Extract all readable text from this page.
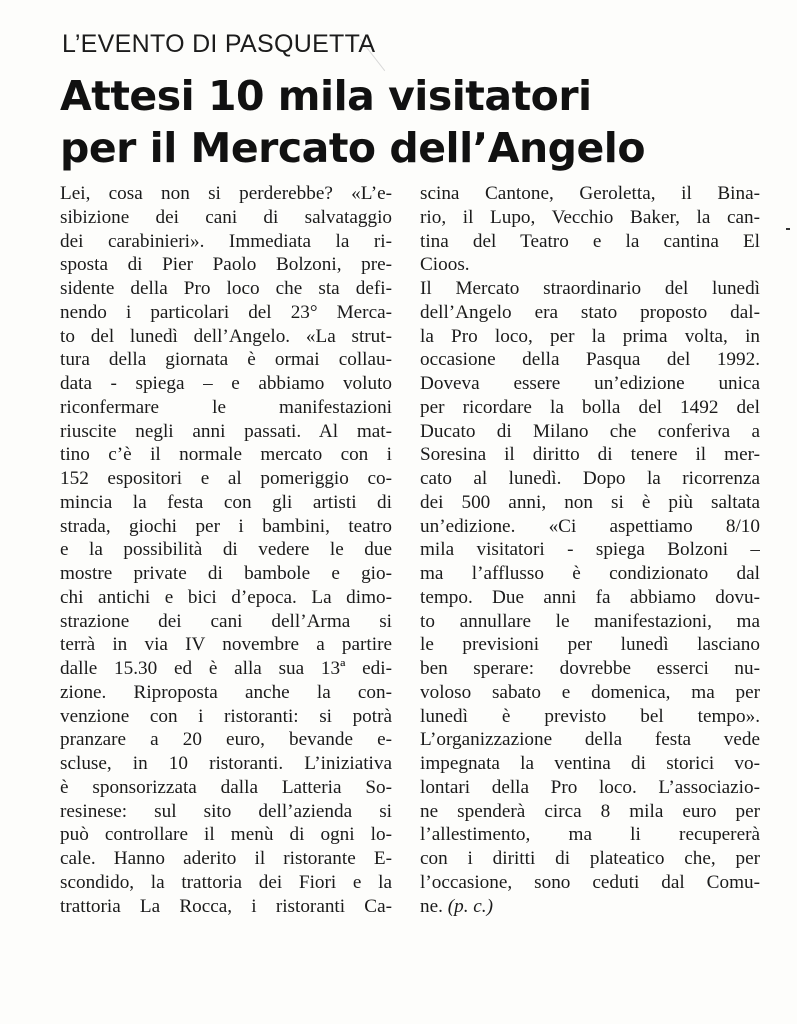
L’EVENTO DI PASQUETTA
Attesi 10 mila visitatori
per il Mercato dell’Angelo
Lei, cosa non si perderebbe? «L’e-
sibizione dei cani di salvataggio
dei carabinieri». Immediata la ri-
sposta di Pier Paolo Bolzoni, pre-
sidente della Pro loco che sta defi-
nendo i particolari del 23° Merca-
to del lunedì dell’Angelo. «La strut-
tura della giornata è ormai collau-
data - spiega – e abbiamo voluto
riconfermare le manifestazioni
riuscite negli anni passati. Al mat-
tino c’è il normale mercato con i
152 espositori e al pomeriggio co-
mincia la festa con gli artisti di
strada, giochi per i bambini, teatro
e la possibilità di vedere le due
mostre private di bambole e gio-
chi antichi e bici d’epoca. La dimo-
strazione dei cani dell’Arma si
terrà in via IV novembre a partire
dalle 15.30 ed è alla sua 13ª edi-
zione. Riproposta anche la con-
venzione con i ristoranti: si potrà
pranzare a 20 euro, bevande e-
scluse, in 10 ristoranti. L’iniziativa
è sponsorizzata dalla Latteria So-
resinese: sul sito dell’azienda si
può controllare il menù di ogni lo-
cale. Hanno aderito il ristorante E-
scondido, la trattoria dei Fiori e la
trattoria La Rocca, i ristoranti Ca-
scina Cantone, Geroletta, il Bina-
rio, il Lupo, Vecchio Baker, la can-
tina del Teatro e la cantina El
Cioos.
Il Mercato straordinario del lunedì
dell’Angelo era stato proposto dal-
la Pro loco, per la prima volta, in
occasione della Pasqua del 1992.
Doveva essere un’edizione unica
per ricordare la bolla del 1492 del
Ducato di Milano che conferiva a
Soresina il diritto di tenere il mer-
cato al lunedì. Dopo la ricorrenza
dei 500 anni, non si è più saltata
un’edizione. «Ci aspettiamo 8/10
mila visitatori - spiega Bolzoni –
ma l’afflusso è condizionato dal
tempo. Due anni fa abbiamo dovu-
to annullare le manifestazioni, ma
le previsioni per lunedì lasciano
ben sperare: dovrebbe esserci nu-
voloso sabato e domenica, ma per
lunedì è previsto bel tempo».
L’organizzazione della festa vede
impegnata la ventina di storici vo-
lontari della Pro loco. L’associazio-
ne spenderà circa 8 mila euro per
l’allestimento, ma li recupererà
con i diritti di plateatico che, per
l’occasione, sono ceduti dal Comu-
ne. (p. c.)
